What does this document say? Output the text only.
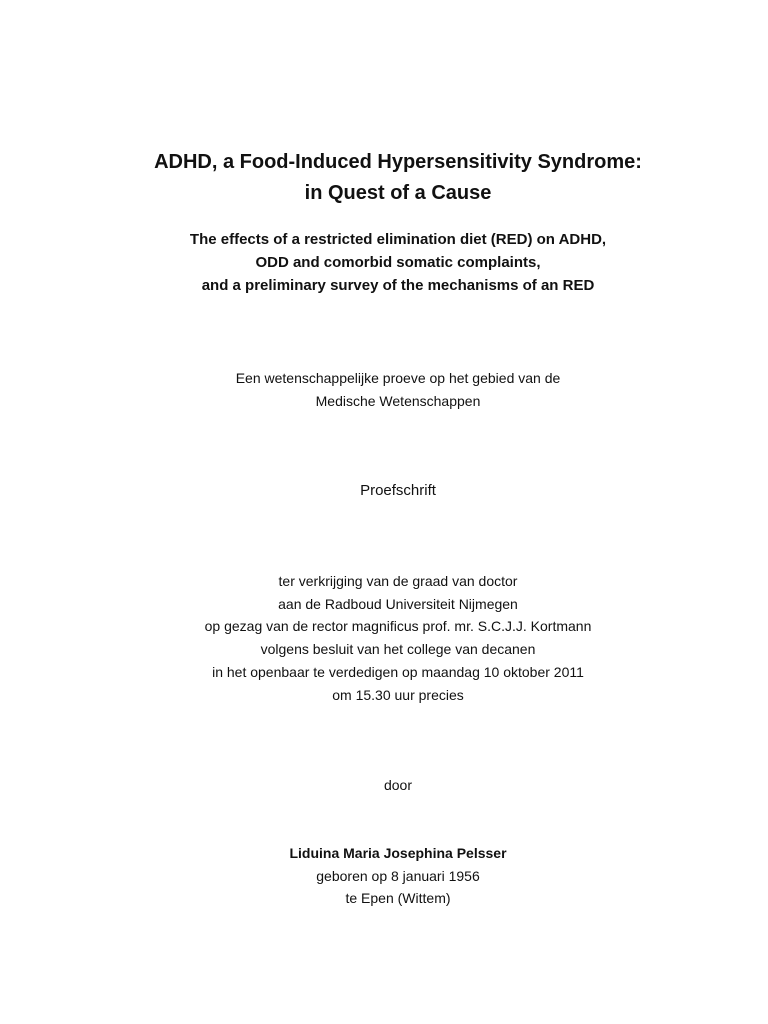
ADHD, a Food-Induced Hypersensitivity Syndrome:
in Quest of a Cause
The effects of a restricted elimination diet (RED) on ADHD,
ODD and comorbid somatic complaints,
and a preliminary survey of the mechanisms of an RED

Een wetenschappelijke proeve op het gebied van de
Medische Wetenschappen

Proefschrift

ter verkrijging van de graad van doctor
aan de Radboud Universiteit Nijmegen
op gezag van de rector magnificus prof. mr. S.C.J.J. Kortmann
volgens besluit van het college van decanen
in het openbaar te verdedigen op maandag 10 oktober 2011
om 15.30 uur precies

door

Liduina Maria Josephina Pelsser
geboren op 8 januari 1956
te Epen (Wittem)
